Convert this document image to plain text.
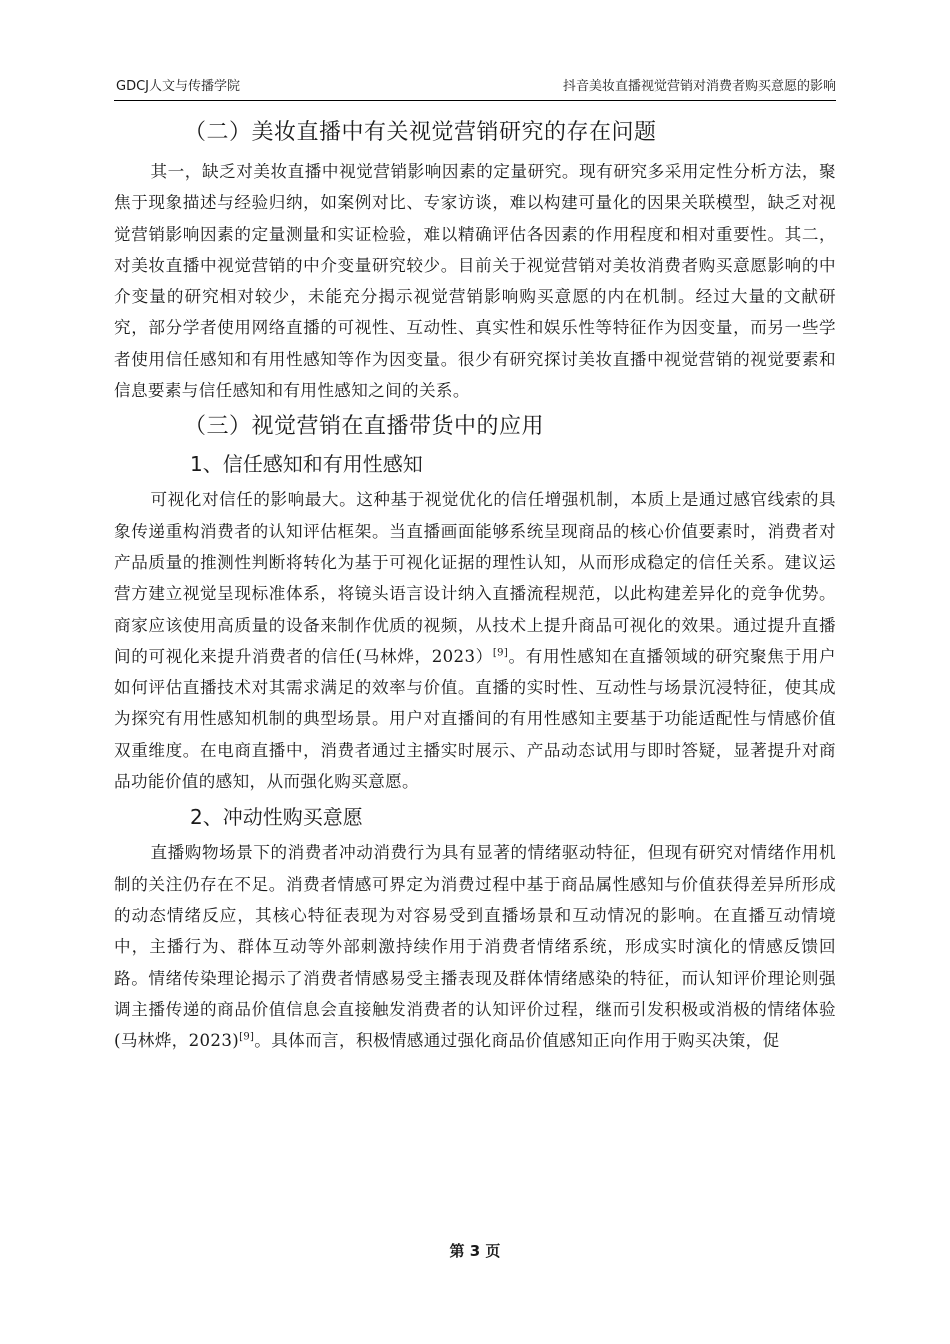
GDCJ人文与传播学院	抖音美妆直播视觉营销对消费者购买意愿的影响
（二）美妆直播中有关视觉营销研究的存在问题

其一，缺乏对美妆直播中视觉营销影响因素的定量研究。现有研究多采用定性分析方法，聚焦于现象描述与经验归纳，如案例对比、专家访谈，难以构建可量化的因果关联模型，缺乏对视觉营销影响因素的定量测量和实证检验，难以精确评估各因素的作用程度和相对重要性。其二，对美妆直播中视觉营销的中介变量研究较少。目前关于视觉营销对美妆消费者购买意愿影响的中介变量的研究相对较少，未能充分揭示视觉营销影响购买意愿的内在机制。经过大量的文献研究，部分学者使用网络直播的可视性、互动性、真实性和娱乐性等特征作为因变量，而另一些学者使用信任感知和有用性感知等作为因变量。很少有研究探讨美妆直播中视觉营销的视觉要素和信息要素与信任感知和有用性感知之间的关系。

（三）视觉营销在直播带货中的应用
1、信任感知和有用性感知

可视化对信任的影响最大。这种基于视觉优化的信任增强机制，本质上是通过感官线索的具象传递重构消费者的认知评估框架。当直播画面能够系统呈现商品的核心价值要素时，消费者对产品质量的推测性判断将转化为基于可视化证据的理性认知，从而形成稳定的信任关系。建议运营方建立视觉呈现标准体系，将镜头语言设计纳入直播流程规范，以此构建差异化的竞争优势。商家应该使用高质量的设备来制作优质的视频，从技术上提升商品可视化的效果。通过提升直播间的可视化来提升消费者的信任(马林烨，2023）[9]。有用性感知在直播领域的研究聚焦于用户如何评估直播技术对其需求满足的效率与价值。直播的实时性、互动性与场景沉浸特征，使其成为探究有用性感知机制的典型场景。用户对直播间的有用性感知主要基于功能适配性与情感价值双重维度。在电商直播中，消费者通过主播实时展示、产品动态试用与即时答疑，显著提升对商品功能价值的感知，从而强化购买意愿。

2、冲动性购买意愿

直播购物场景下的消费者冲动消费行为具有显著的情绪驱动特征，但现有研究对情绪作用机制的关注仍存在不足。消费者情感可界定为消费过程中基于商品属性感知与价值获得差异所形成的动态情绪反应，其核心特征表现为对容易受到直播场景和互动情况的影响。在直播互动情境中，主播行为、群体互动等外部刺激持续作用于消费者情绪系统，形成实时演化的情感反馈回路。情绪传染理论揭示了消费者情感易受主播表现及群体情绪感染的特征，而认知评价理论则强调主播传递的商品价值信息会直接触发消费者的认知评价过程，继而引发积极或消极的情绪体验(马林烨，2023)[9]。具体而言，积极情感通过强化商品价值感知正向作用于购买决策，促

第 3 页
